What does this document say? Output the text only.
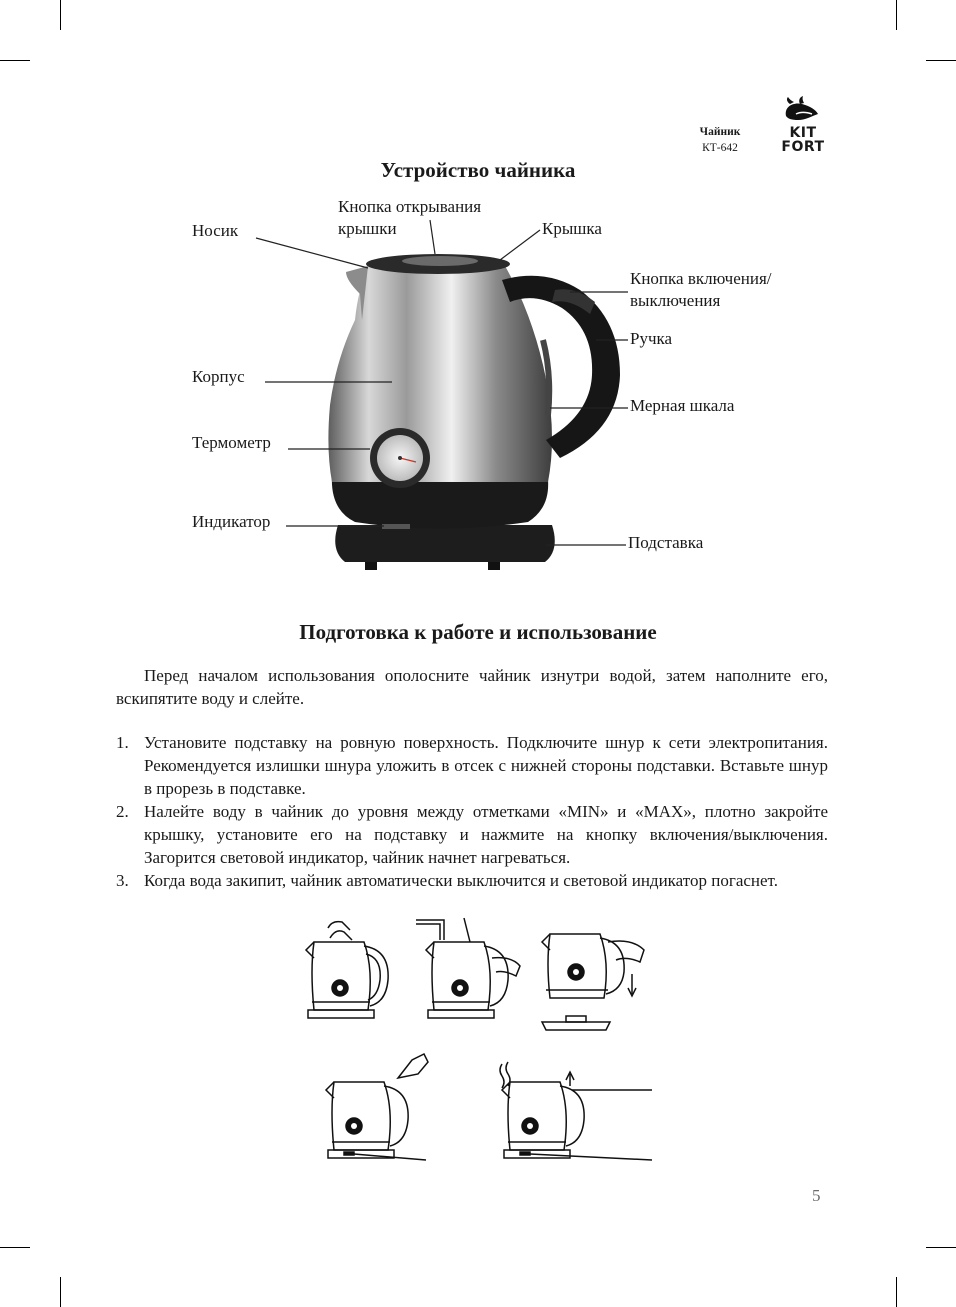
Чайник
КТ-642
KIT
FORT
Устройство чайника
Носик
Кнопка открывания
крышки	Крышка
Кнопка включения/
выключения
Ручка
Корпус
Мерная шкала
Термометр
Индикатор
Подставка
Подготовка к работе и использование

Перед началом использования ополосните чайник изнутри водой, затем наполните его, вскипятите воду и слейте.

1. Установите подставку на ровную поверхность. Подключите шнур к сети электропитания. Рекомендуется излишки шнура уложить в отсек с нижней стороны подставки. Вставьте шнур в прорезь в подставке.
2. Налейте воду в чайник до уровня между отметками «MIN» и «MAX», плотно закройте крышку, установите его на подставку и нажмите на кнопку включения/выключения. Загорится световой индикатор, чайник начнет нагреваться.
3. Когда вода закипит, чайник автоматически выключится и световой индикатор погаснет.
5
